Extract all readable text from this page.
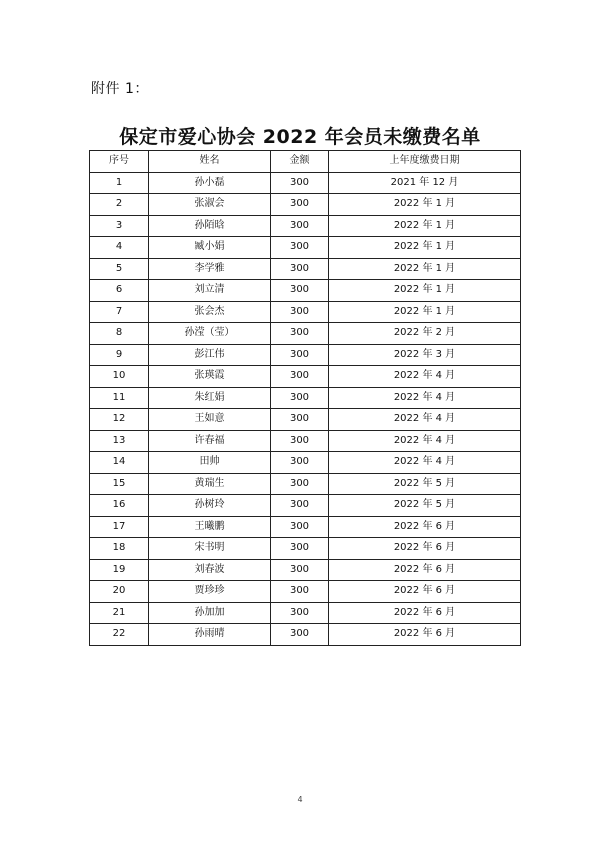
附件 1：
保定市爱心协会 2022 年会员未缴费名单
序号	姓名	金额	上年度缴费日期
1	孙小磊	300	2021 年 12 月
2	张淑会	300	2022 年 1 月
3	孙陌晗	300	2022 年 1 月
4	臧小娟	300	2022 年 1 月
5	李学雅	300	2022 年 1 月
6	刘立清	300	2022 年 1 月
7	张会杰	300	2022 年 1 月
8	孙滢（莹）	300	2022 年 2 月
9	彭江伟	300	2022 年 3 月
10	张瑛霞	300	2022 年 4 月
11	朱红娟	300	2022 年 4 月
12	王如意	300	2022 年 4 月
13	许春福	300	2022 年 4 月
14	田帅	300	2022 年 4 月
15	黄瑞生	300	2022 年 5 月
16	孙树玲	300	2022 年 5 月
17	王曦鹏	300	2022 年 6 月
18	宋书明	300	2022 年 6 月
19	刘春波	300	2022 年 6 月
20	贾珍珍	300	2022 年 6 月
21	孙加加	300	2022 年 6 月
22	孙雨晴	300	2022 年 6 月
4
